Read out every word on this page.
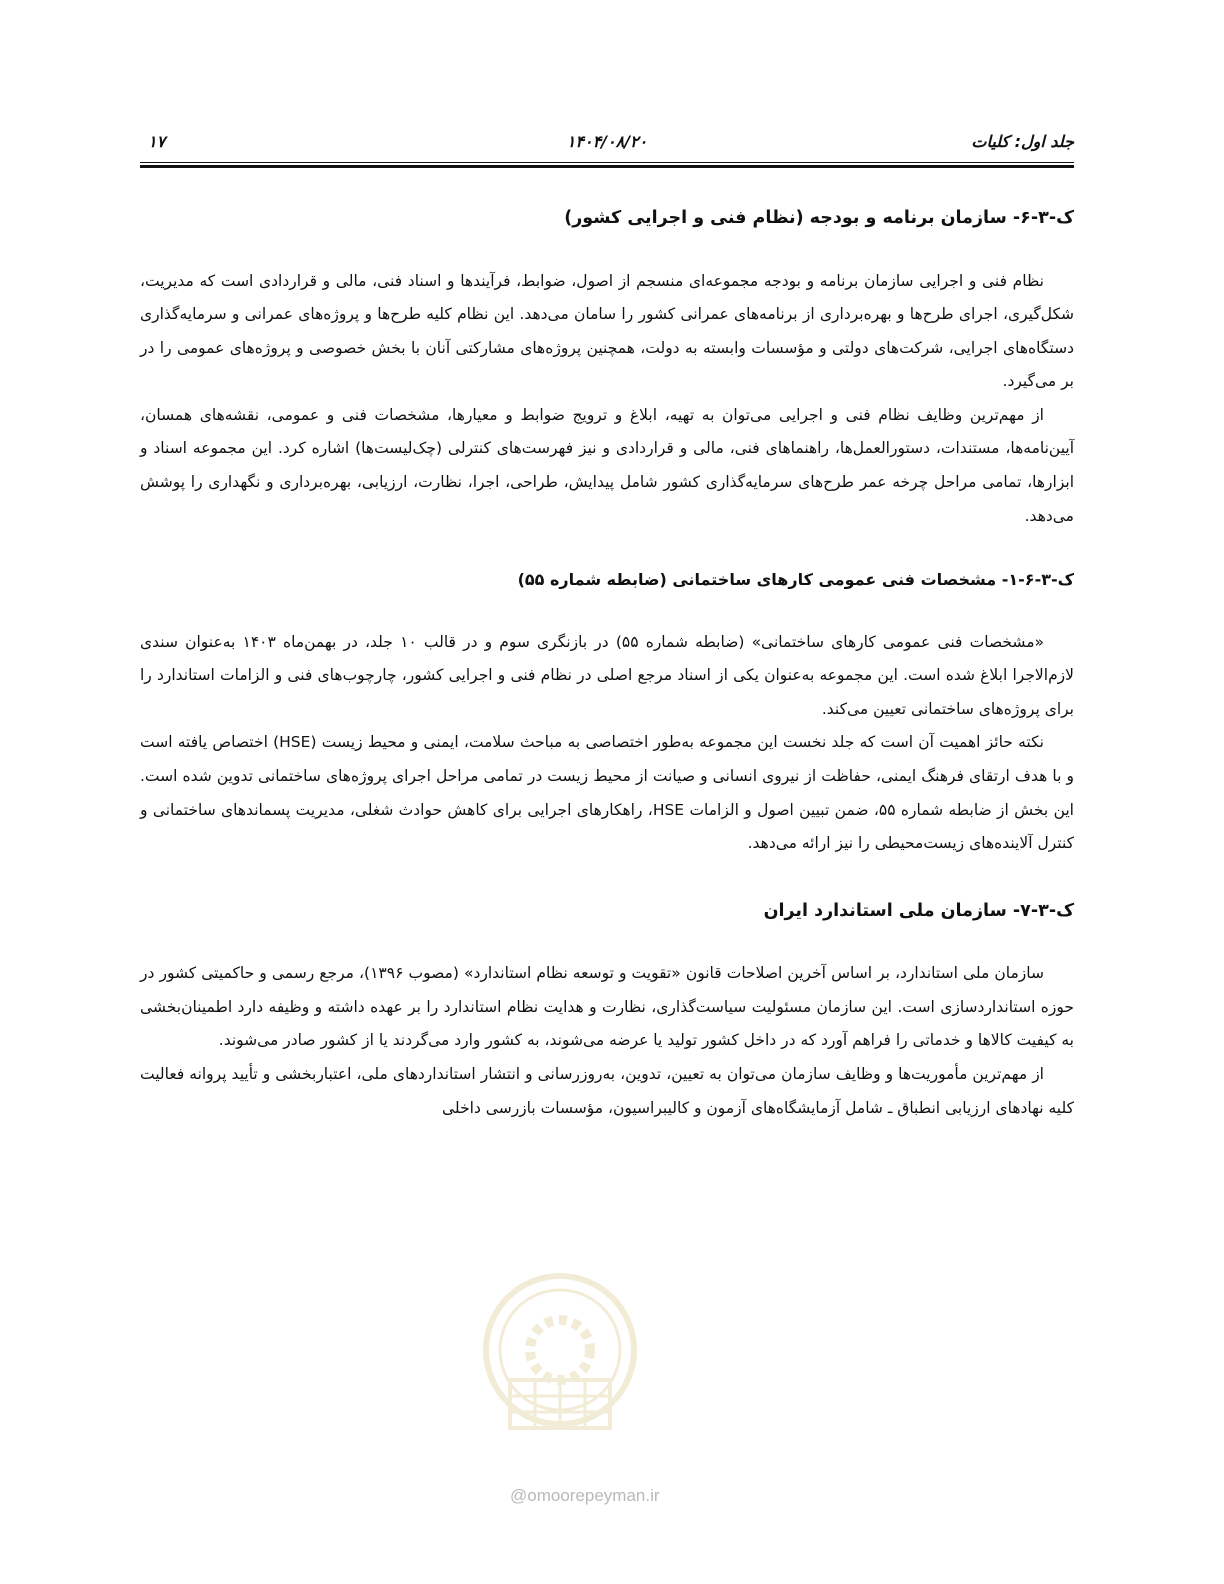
جلد اول: کلیات
۱۴۰۴/۰۸/۲۰
۱۷
ک-۳-۶- سازمان برنامه و بودجه (نظام فنی و اجرایی کشور)

نظام فنی و اجرایی سازمان برنامه و بودجه مجموعه‌ای منسجم از اصول، ضوابط، فرآیندها و اسناد فنی، مالی و قراردادی است که مدیریت، شکل‌گیری، اجرای طرح‌ها و بهره‌برداری از برنامه‌های عمرانی کشور را سامان می‌دهد. این نظام کلیه طرح‌ها و پروژه‌های عمرانی و سرمایه‌گذاری دستگاه‌های اجرایی، شرکت‌های دولتی و مؤسسات وابسته به دولت، همچنین پروژه‌های مشارکتی آنان با بخش خصوصی و پروژه‌های عمومی را در بر می‌گیرد.

از مهم‌ترین وظایف نظام فنی و اجرایی می‌توان به تهیه، ابلاغ و ترویج ضوابط و معیارها، مشخصات فنی و عمومی، نقشه‌های همسان، آیین‌نامه‌ها، مستندات، دستورالعمل‌ها، راهنماهای فنی، مالی و قراردادی و نیز فهرست‌های کنترلی (چک‌لیست‌ها) اشاره کرد. این مجموعه اسناد و ابزارها، تمامی مراحل چرخه عمر طرح‌های سرمایه‌گذاری کشور شامل پیدایش، طراحی، اجرا، نظارت، ارزیابی، بهره‌برداری و نگهداری را پوشش می‌دهد.

ک-۳-۶-۱- مشخصات فنی عمومی کارهای ساختمانی (ضابطه شماره ۵۵)

«مشخصات فنی عمومی کارهای ساختمانی» (ضابطه شماره ۵۵) در بازنگری سوم و در قالب ۱۰ جلد، در بهمن‌ماه ۱۴۰۳ به‌عنوان سندی لازم‌الاجرا ابلاغ شده است. این مجموعه به‌عنوان یکی از اسناد مرجع اصلی در نظام فنی و اجرایی کشور، چارچوب‌های فنی و الزامات استاندارد را برای پروژه‌های ساختمانی تعیین می‌کند.

نکته حائز اهمیت آن است که جلد نخست این مجموعه به‌طور اختصاصی به مباحث سلامت، ایمنی و محیط زیست (HSE) اختصاص یافته است و با هدف ارتقای فرهنگ ایمنی، حفاظت از نیروی انسانی و صیانت از محیط زیست در تمامی مراحل اجرای پروژه‌های ساختمانی تدوین شده است. این بخش از ضابطه شماره ۵۵، ضمن تبیین اصول و الزامات HSE، راهکارهای اجرایی برای کاهش حوادث شغلی، مدیریت پسماندهای ساختمانی و کنترل آلاینده‌های زیست‌محیطی را نیز ارائه می‌دهد.

ک-۳-۷- سازمان ملی استاندارد ایران

سازمان ملی استاندارد، بر اساس آخرین اصلاحات قانون «تقویت و توسعه نظام استاندارد» (مصوب ۱۳۹۶)، مرجع رسمی و حاکمیتی کشور در حوزه استانداردسازی است. این سازمان مسئولیت سیاست‌گذاری، نظارت و هدایت نظام استاندارد را بر عهده داشته و وظیفه دارد اطمینان‌بخشی به کیفیت کالاها و خدماتی را فراهم آورد که در داخل کشور تولید یا عرضه می‌شوند، به کشور وارد می‌گردند یا از کشور صادر می‌شوند.

از مهم‌ترین مأموریت‌ها و وظایف سازمان می‌توان به تعیین، تدوین، به‌روزرسانی و انتشار استانداردهای ملی، اعتباربخشی و تأیید پروانه فعالیت کلیه نهادهای ارزیابی انطباق ـ شامل آزمایشگاه‌های آزمون و کالیبراسیون، مؤسسات بازرسی داخلی

@omoorepeyman.ir
